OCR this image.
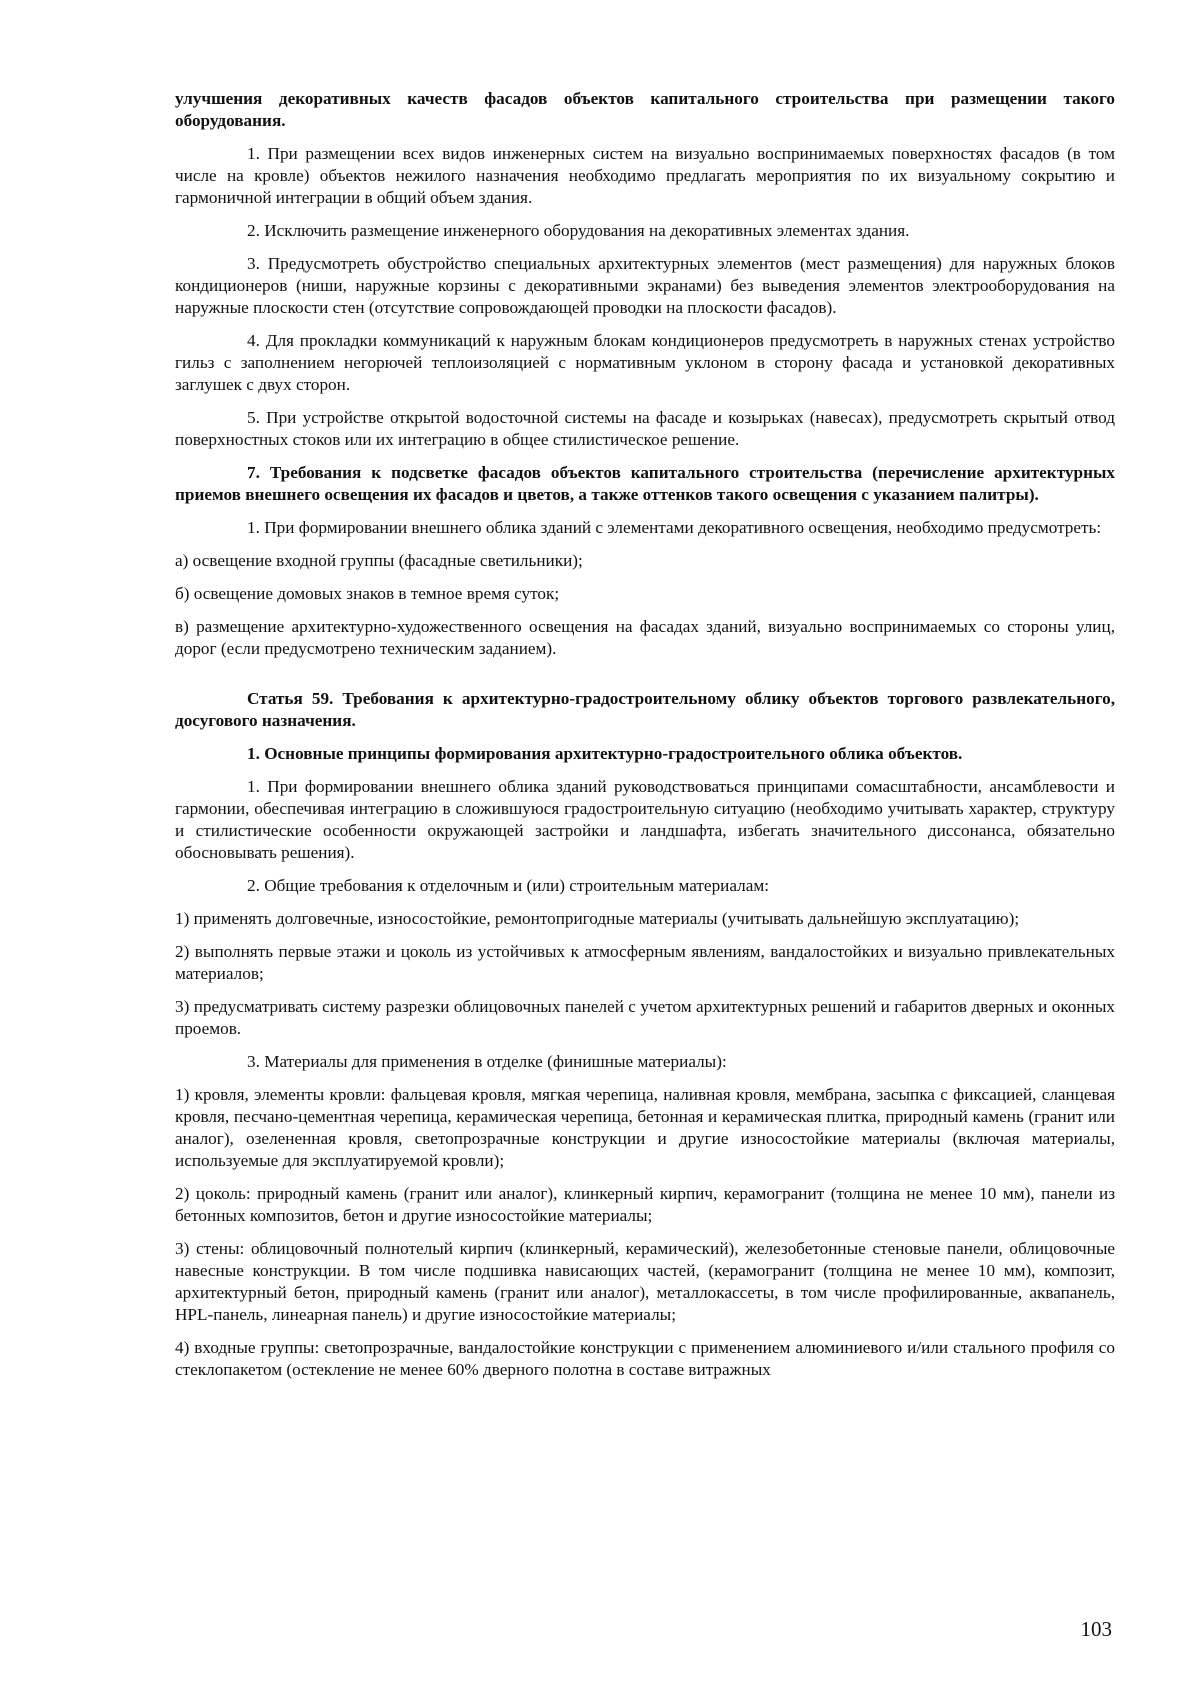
улучшения декоративных качеств фасадов объектов капитального строительства при размещении такого оборудования.

1. При размещении всех видов инженерных систем на визуально воспринимаемых поверхностях фасадов (в том числе на кровле) объектов нежилого назначения необходимо предлагать мероприятия по их визуальному сокрытию и гармоничной интеграции в общий объем здания.

2. Исключить размещение инженерного оборудования на декоративных элементах здания.

3. Предусмотреть обустройство специальных архитектурных элементов (мест размещения) для наружных блоков кондиционеров (ниши, наружные корзины с декоративными экранами) без выведения элементов электрооборудования на наружные плоскости стен (отсутствие сопровождающей проводки на плоскости фасадов).

4. Для прокладки коммуникаций к наружным блокам кондиционеров предусмотреть в наружных стенах устройство гильз с заполнением негорючей теплоизоляцией с нормативным уклоном в сторону фасада и установкой декоративных заглушек с двух сторон.

5. При устройстве открытой водосточной системы на фасаде и козырьках (навесах), предусмотреть скрытый отвод поверхностных стоков или их интеграцию в общее стилистическое решение.

7. Требования к подсветке фасадов объектов капитального строительства (перечисление архитектурных приемов внешнего освещения их фасадов и цветов, а также оттенков такого освещения с указанием палитры).

1. При формировании внешнего облика зданий с элементами декоративного освещения, необходимо предусмотреть:

а) освещение входной группы (фасадные светильники);

б) освещение домовых знаков в темное время суток;

в) размещение архитектурно-художественного освещения на фасадах зданий, визуально воспринимаемых со стороны улиц, дорог (если предусмотрено техническим заданием).

Статья 59. Требования к архитектурно-градостроительному облику объектов торгового развлекательного, досугового назначения.

1. Основные принципы формирования архитектурно-градостроительного облика объектов.

1. При формировании внешнего облика зданий руководствоваться принципами сомасштабности, ансамблевости и гармонии, обеспечивая интеграцию в сложившуюся градостроительную ситуацию (необходимо учитывать характер, структуру и стилистические особенности окружающей застройки и ландшафта, избегать значительного диссонанса, обязательно обосновывать решения).

2. Общие требования к отделочным и (или) строительным материалам:

1) применять долговечные, износостойкие, ремонтопригодные материалы (учитывать дальнейшую эксплуатацию);

2) выполнять первые этажи и цоколь из устойчивых к атмосферным явлениям, вандалостойких и визуально привлекательных материалов;

3) предусматривать систему разрезки облицовочных панелей с учетом архитектурных решений и габаритов дверных и оконных проемов.

3. Материалы для применения в отделке (финишные материалы):

1) кровля, элементы кровли: фальцевая кровля, мягкая черепица, наливная кровля, мембрана, засыпка с фиксацией, сланцевая кровля, песчано-цементная черепица, керамическая черепица, бетонная и керамическая плитка, природный камень (гранит или аналог), озелененная кровля, светопрозрачные конструкции и другие износостойкие материалы (включая материалы, используемые для эксплуатируемой кровли);

2) цоколь: природный камень (гранит или аналог), клинкерный кирпич, керамогранит (толщина не менее 10 мм), панели из бетонных композитов, бетон и другие износостойкие материалы;

3) стены: облицовочный полнотелый кирпич (клинкерный, керамический), железобетонные стеновые панели, облицовочные навесные конструкции. В том числе подшивка нависающих частей, (керамогранит (толщина не менее 10 мм), композит, архитектурный бетон, природный камень (гранит или аналог), металлокассеты, в том числе профилированные, аквапанель, HPL-панель, линеарная панель) и другие износостойкие материалы;

4) входные группы: светопрозрачные, вандалостойкие конструкции с применением алюминиевого и/или стального профиля со стеклопакетом (остекление не менее 60% дверного полотна в составе витражных

103
